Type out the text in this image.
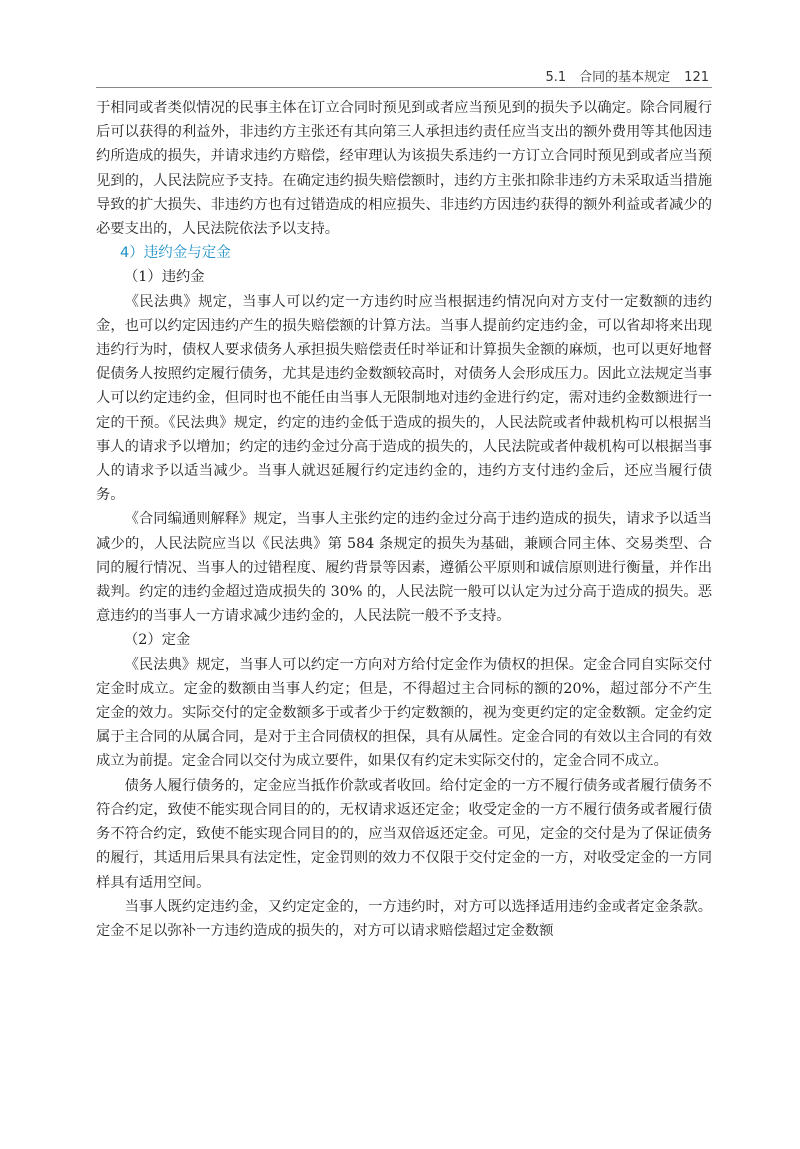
5.1　合同的基本规定 121

于相同或者类似情况的民事主体在订立合同时预见到或者应当预见到的损失予以确定。除合同履行后可以获得的利益外，非违约方主张还有其向第三人承担违约责任应当支出的额外费用等其他因违约所造成的损失，并请求违约方赔偿，经审理认为该损失系违约一方订立合同时预见到或者应当预见到的，人民法院应予支持。在确定违约损失赔偿额时，违约方主张扣除非违约方未采取适当措施导致的扩大损失、非违约方也有过错造成的相应损失、非违约方因违约获得的额外利益或者减少的必要支出的，人民法院依法予以支持。

4）违约金与定金

（1）违约金

《民法典》规定，当事人可以约定一方违约时应当根据违约情况向对方支付一定数额的违约金，也可以约定因违约产生的损失赔偿额的计算方法。当事人提前约定违约金，可以省却将来出现违约行为时，债权人要求债务人承担损失赔偿责任时举证和计算损失金额的麻烦，也可以更好地督促债务人按照约定履行债务，尤其是违约金数额较高时，对债务人会形成压力。因此立法规定当事人可以约定违约金，但同时也不能任由当事人无限制地对违约金进行约定，需对违约金数额进行一定的干预。《民法典》规定，约定的违约金低于造成的损失的，人民法院或者仲裁机构可以根据当事人的请求予以增加；约定的违约金过分高于造成的损失的，人民法院或者仲裁机构可以根据当事人的请求予以适当减少。当事人就迟延履行约定违约金的，违约方支付违约金后，还应当履行债务。

《合同编通则解释》规定，当事人主张约定的违约金过分高于违约造成的损失，请求予以适当减少的，人民法院应当以《民法典》第 584 条规定的损失为基础，兼顾合同主体、交易类型、合同的履行情况、当事人的过错程度、履约背景等因素，遵循公平原则和诚信原则进行衡量，并作出裁判。约定的违约金超过造成损失的 30% 的，人民法院一般可以认定为过分高于造成的损失。恶意违约的当事人一方请求减少违约金的，人民法院一般不予支持。

（2）定金

《民法典》规定，当事人可以约定一方向对方给付定金作为债权的担保。定金合同自实际交付定金时成立。定金的数额由当事人约定；但是，不得超过主合同标的额的20%，超过部分不产生定金的效力。实际交付的定金数额多于或者少于约定数额的，视为变更约定的定金数额。定金约定属于主合同的从属合同，是对于主合同债权的担保，具有从属性。定金合同的有效以主合同的有效成立为前提。定金合同以交付为成立要件，如果仅有约定未实际交付的，定金合同不成立。

债务人履行债务的，定金应当抵作价款或者收回。给付定金的一方不履行债务或者履行债务不符合约定，致使不能实现合同目的的，无权请求返还定金；收受定金的一方不履行债务或者履行债务不符合约定，致使不能实现合同目的的，应当双倍返还定金。可见，定金的交付是为了保证债务的履行，其适用后果具有法定性，定金罚则的效力不仅限于交付定金的一方，对收受定金的一方同样具有适用空间。

当事人既约定违约金，又约定定金的，一方违约时，对方可以选择适用违约金或者定金条款。定金不足以弥补一方违约造成的损失的，对方可以请求赔偿超过定金数额
